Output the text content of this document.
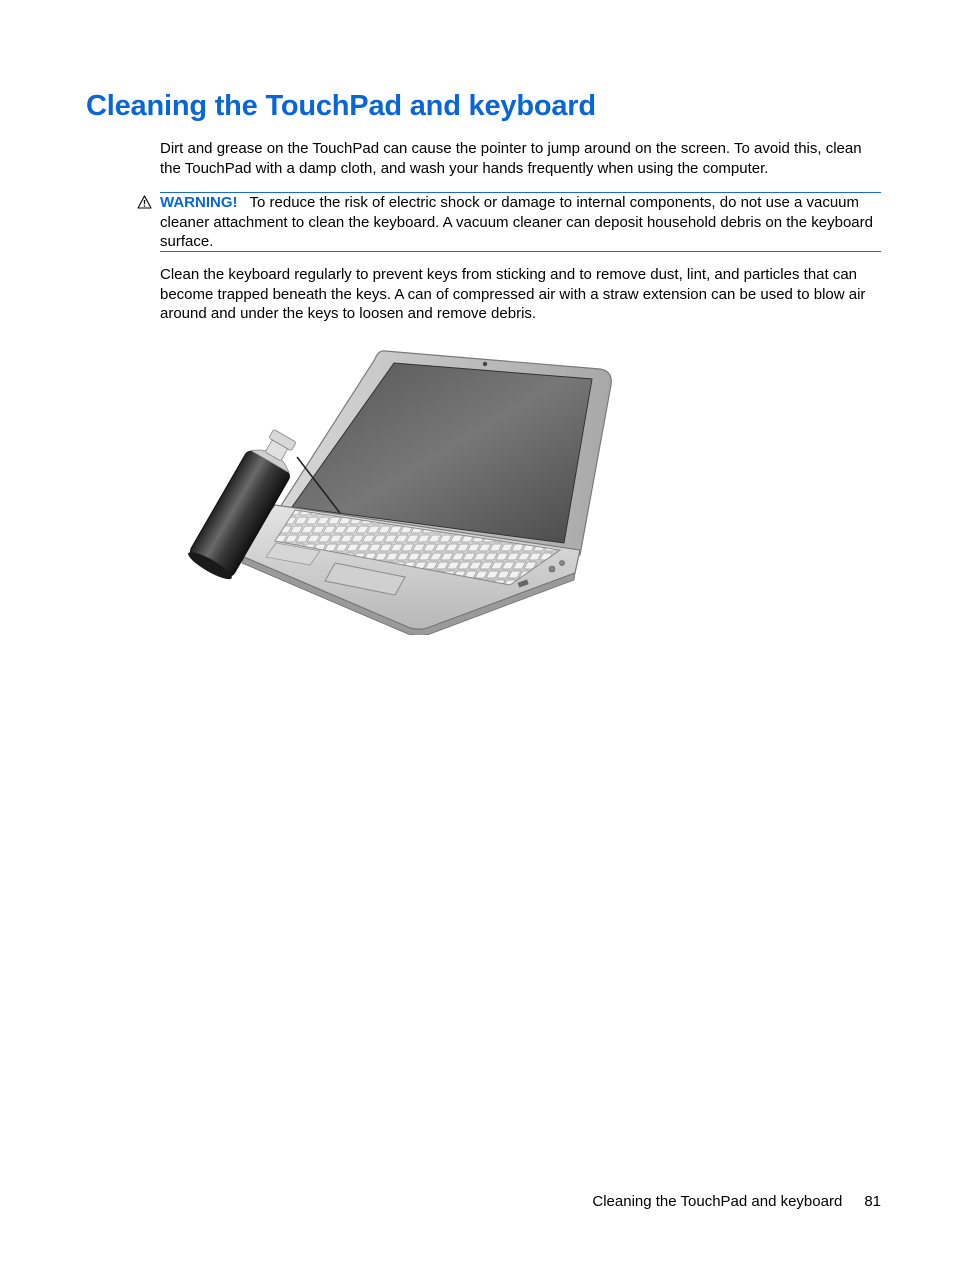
Cleaning the TouchPad and keyboard

Dirt and grease on the TouchPad can cause the pointer to jump around on the screen. To avoid this, clean the TouchPad with a damp cloth, and wash your hands frequently when using the computer.

WARNING! To reduce the risk of electric shock or damage to internal components, do not use a vacuum cleaner attachment to clean the keyboard. A vacuum cleaner can deposit household debris on the keyboard surface.

Clean the keyboard regularly to prevent keys from sticking and to remove dust, lint, and particles that can become trapped beneath the keys. A can of compressed air with a straw extension can be used to blow air around and under the keys to loosen and remove debris.

Cleaning the TouchPad and keyboard 81
